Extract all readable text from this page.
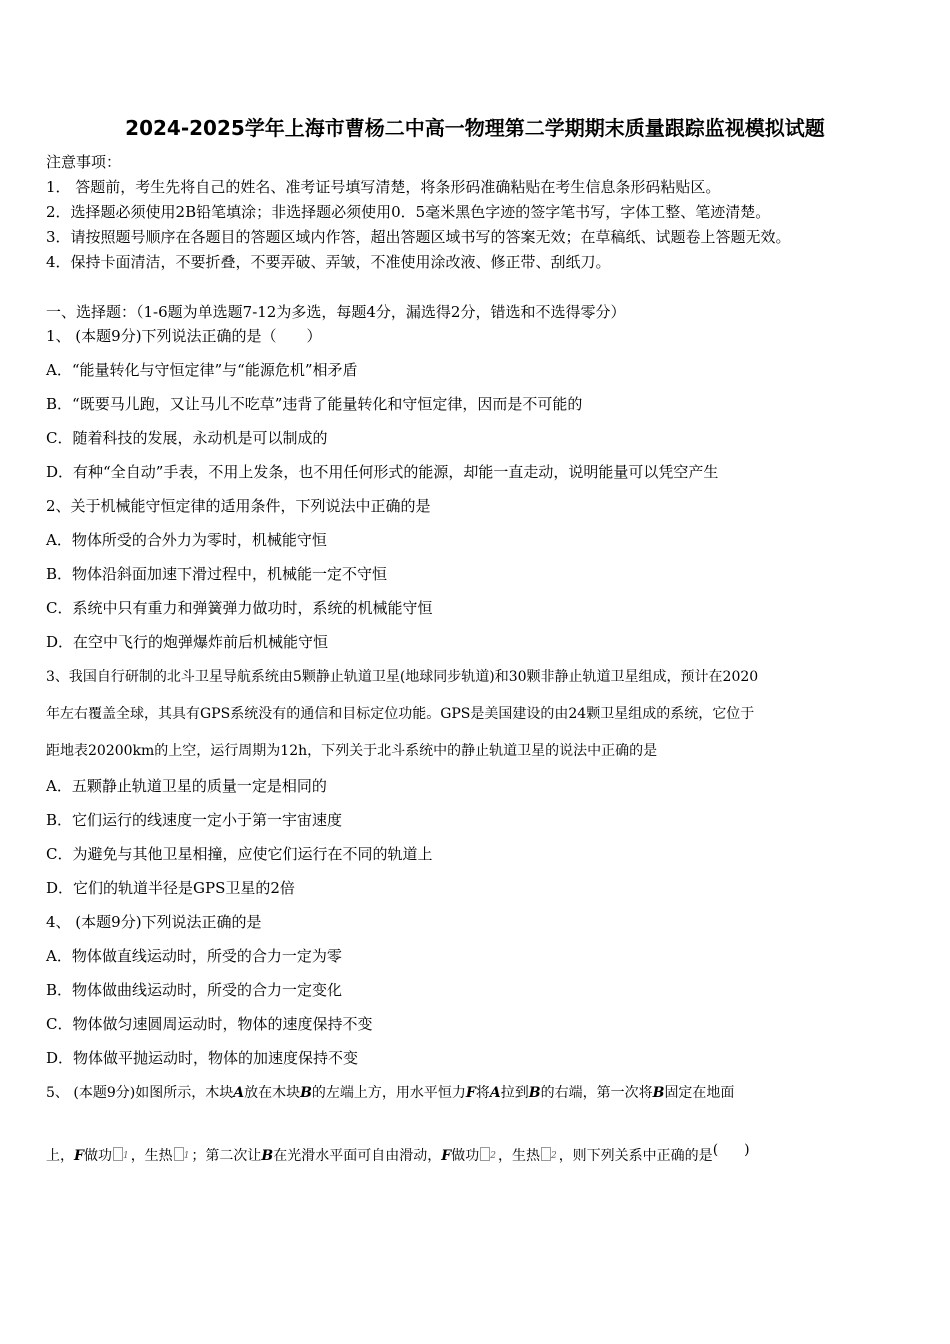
2024-2025学年上海市曹杨二中高一物理第二学期期末质量跟踪监视模拟试题
注意事项：
1． 答题前，考生先将自己的姓名、准考证号填写清楚，将条形码准确粘贴在考生信息条形码粘贴区。
2．选择题必须使用2B铅笔填涂；非选择题必须使用0．5毫米黑色字迹的签字笔书写，字体工整、笔迹清楚。
3．请按照题号顺序在各题目的答题区域内作答，超出答题区域书写的答案无效；在草稿纸、试题卷上答题无效。
4．保持卡面清洁，不要折叠，不要弄破、弄皱，不准使用涂改液、修正带、刮纸刀。
一、选择题：（1-6题为单选题7-12为多选，每题4分，漏选得2分，错选和不选得零分）
1、 (本题9分)下列说法正确的是（　　）
A．“能量转化与守恒定律”与“能源危机”相矛盾
B．“既要马儿跑，又让马儿不吃草”违背了能量转化和守恒定律，因而是不可能的
C．随着科技的发展，永动机是可以制成的
D．有种“全自动”手表，不用上发条，也不用任何形式的能源，却能一直走动，说明能量可以凭空产生
2、关于机械能守恒定律的适用条件，下列说法中正确的是
A．物体所受的合外力为零时，机械能守恒
B．物体沿斜面加速下滑过程中，机械能一定不守恒
C．系统中只有重力和弹簧弹力做功时，系统的机械能守恒
D．在空中飞行的炮弹爆炸前后机械能守恒
3、我国自行研制的北斗卫星导航系统由5颗静止轨道卫星(地球同步轨道)和30颗非静止轨道卫星组成，预计在2020
年左右覆盖全球，其具有GPS系统没有的通信和目标定位功能。GPS是美国建设的由24颗卫星组成的系统，它位于
距地表20200km的上空，运行周期为12h，下列关于北斗系统中的静止轨道卫星的说法中正确的是
A．五颗静止轨道卫星的质量一定是相同的
B．它们运行的线速度一定小于第一宇宙速度
C．为避免与其他卫星相撞，应使它们运行在不同的轨道上
D．它们的轨道半径是GPS卫星的2倍
4、 (本题9分)下列说法正确的是
A．物体做直线运动时，所受的合力一定为零
B．物体做曲线运动时，所受的合力一定变化
C．物体做匀速圆周运动时，物体的速度保持不变
D．物体做平抛运动时，物体的加速度保持不变
5、 (本题9分)如图所示，木块A放在木块B的左端上方，用水平恒力F将A拉到B的右端，第一次将B固定在地面
上，F做功 $^1$ ，生热 $^1$ ；第二次让B在光滑水平面可自由滑动，F做功 $^2$ ，生热 $^2$ ，则下列关系中正确的是( )
